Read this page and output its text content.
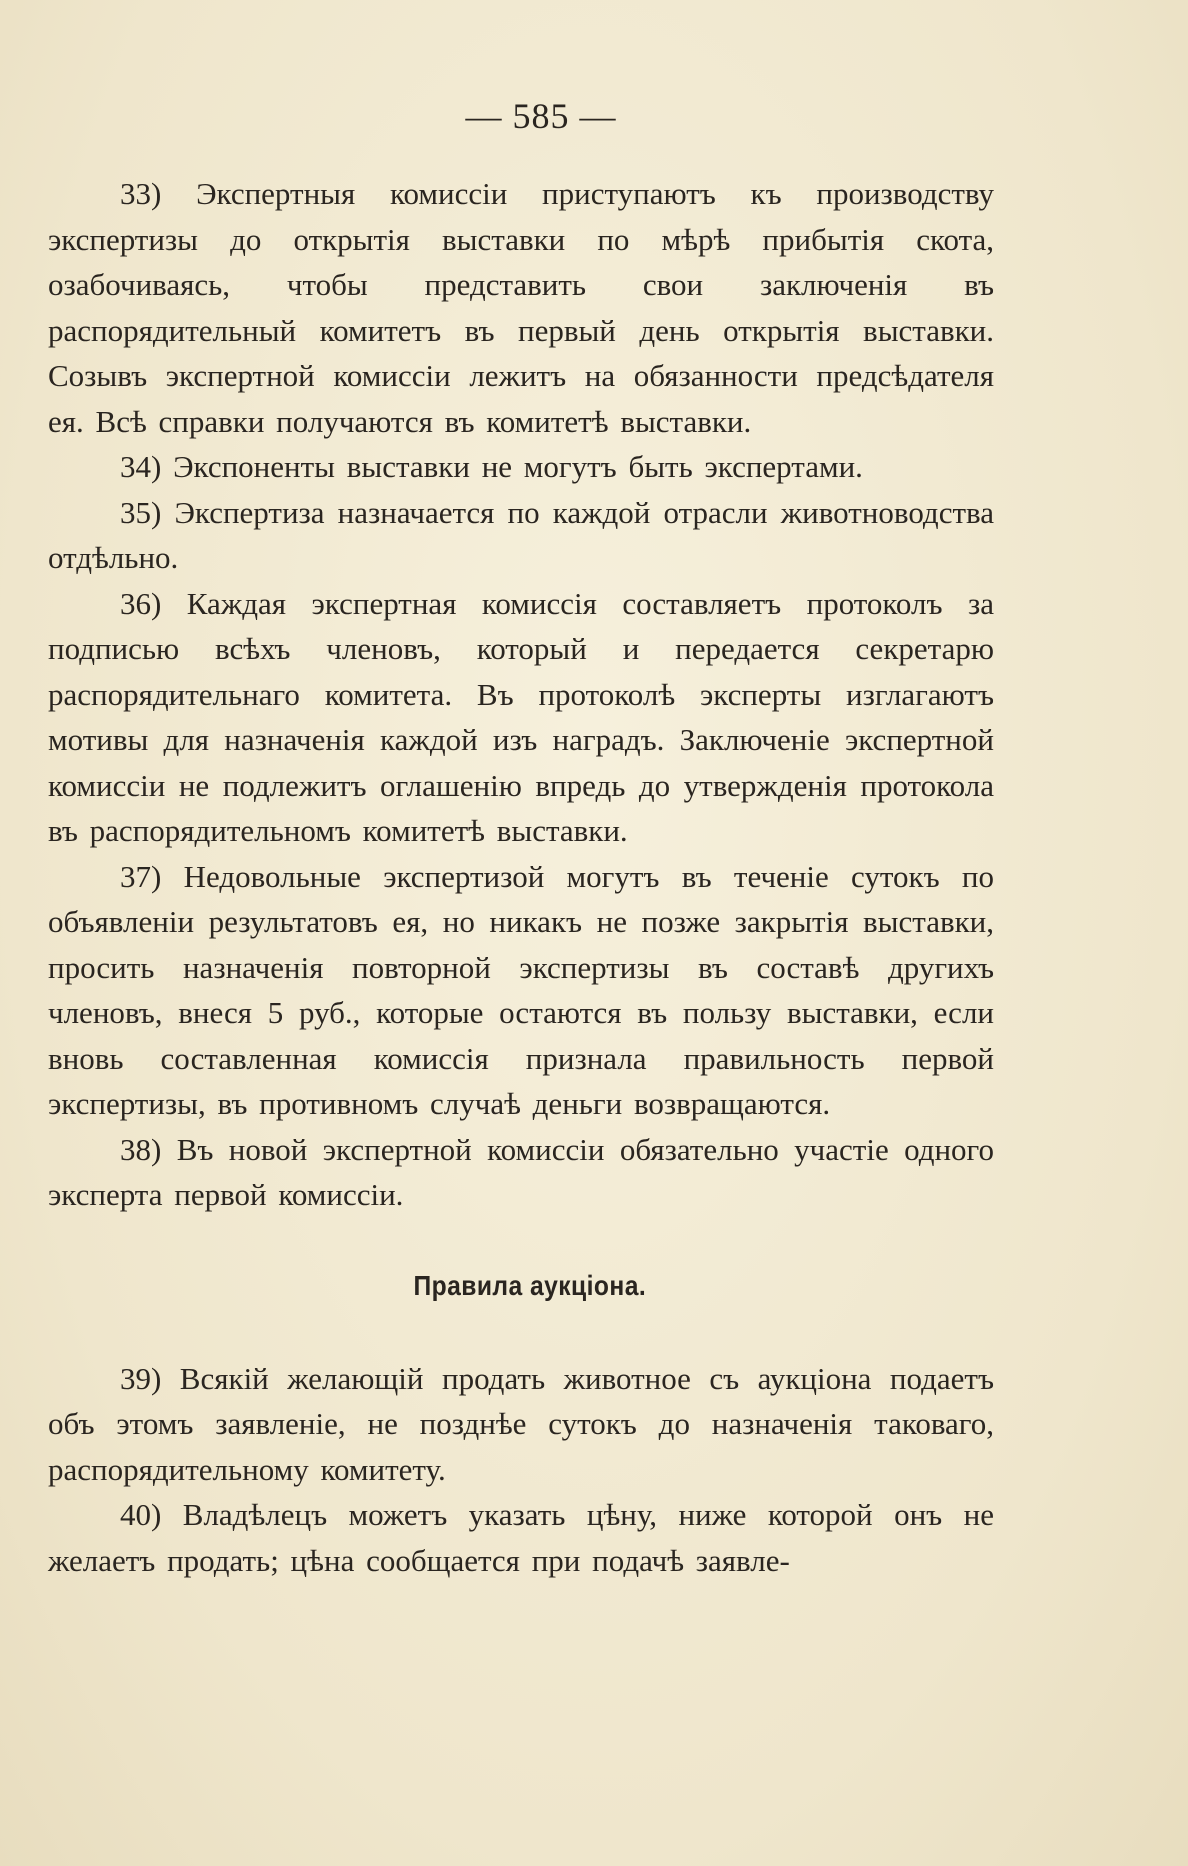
— 585 —

33) Экспертныя комиссіи приступаютъ къ производству экспертизы до открытія выставки по мѣрѣ прибытія скота, озабочиваясь, чтобы представить свои заключенія въ распорядительный комитетъ въ первый день открытія выставки. Созывъ экспертной комиссіи лежитъ на обязанности предсѣдателя ея. Всѣ справки получаются въ комитетѣ выставки.

34) Экспоненты выставки не могутъ быть экспертами.

35) Экспертиза назначается по каждой отрасли животноводства отдѣльно.

36) Каждая экспертная комиссія составляетъ протоколъ за подписью всѣхъ членовъ, который и передается секретарю распорядительнаго комитета. Въ протоколѣ эксперты изглагаютъ мотивы для назначенія каждой изъ наградъ. Заключеніе экспертной комиссіи не подлежитъ оглашенію впредь до утвержденія протокола въ распорядительномъ комитетѣ выставки.

37) Недовольные экспертизой могутъ въ теченіе сутокъ по объявленіи результатовъ ея, но никакъ не позже закрытія выставки, просить назначенія повторной экспертизы въ составѣ другихъ членовъ, внеся 5 руб., которые остаются въ пользу выставки, если вновь составленная комиссія признала правильность первой экспертизы, въ противномъ случаѣ деньги возвращаются.

38) Въ новой экспертной комиссіи обязательно участіе одного эксперта первой комиссіи.

Правила аукціона.

39) Всякій желающій продать животное съ аукціона подаетъ объ этомъ заявленіе, не позднѣе сутокъ до назначенія таковаго, распорядительному комитету.

40) Владѣлецъ можетъ указать цѣну, ниже которой онъ не желаетъ продать; цѣна сообщается при подачѣ заявле-
